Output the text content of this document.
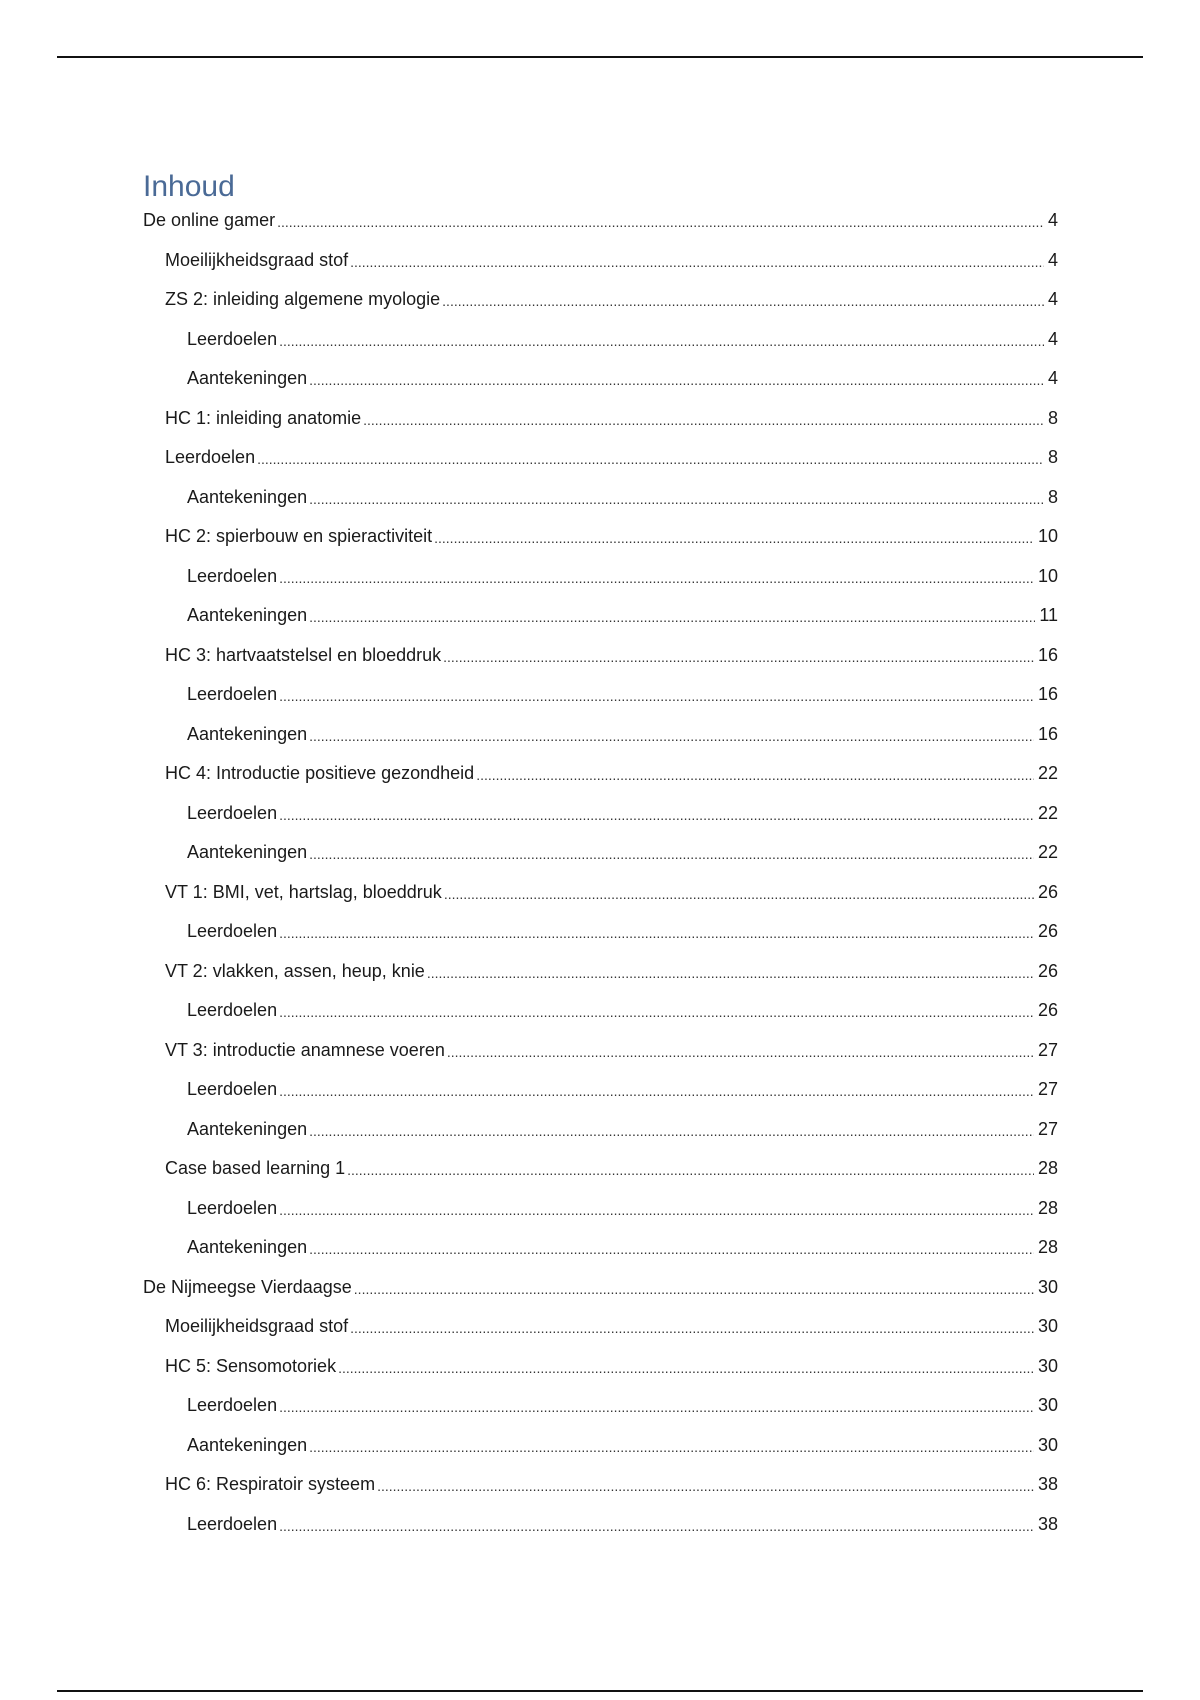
Inhoud
De online gamer .....	4
Moeilijkheidsgraad stof .....	4
ZS 2: inleiding algemene myologie .....	4
Leerdoelen .....	4
Aantekeningen .....	4
HC 1: inleiding anatomie .....	8
Leerdoelen .....	8
Aantekeningen .....	8
HC 2: spierbouw en spieractiviteit .....	10
Leerdoelen .....	10
Aantekeningen .....	11
HC 3: hartvaatstelsel en bloeddruk .....	16
Leerdoelen .....	16
Aantekeningen .....	16
HC 4: Introductie positieve gezondheid .....	22
Leerdoelen .....	22
Aantekeningen .....	22
VT 1: BMI, vet, hartslag, bloeddruk .....	26
Leerdoelen .....	26
VT 2: vlakken, assen, heup, knie .....	26
Leerdoelen .....	26
VT 3: introductie anamnese voeren .....	27
Leerdoelen .....	27
Aantekeningen .....	27
Case based learning 1 .....	28
Leerdoelen .....	28
Aantekeningen .....	28
De Nijmeegse Vierdaagse .....	30
Moeilijkheidsgraad stof .....	30
HC 5: Sensomotoriek .....	30
Leerdoelen .....	30
Aantekeningen .....	30
HC 6: Respiratoir systeem .....	38
Leerdoelen .....	38
